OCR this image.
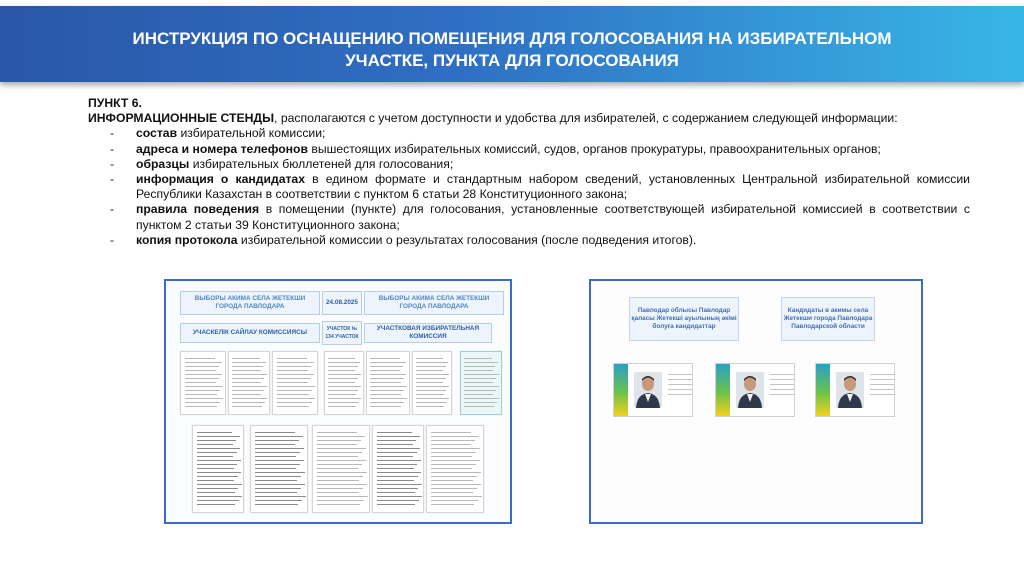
ИНСТРУКЦИЯ ПО ОСНАЩЕНИЮ ПОМЕЩЕНИЯ ДЛЯ ГОЛОСОВАНИЯ НА ИЗБИРАТЕЛЬНОМ
УЧАСТКЕ, ПУНКТА ДЛЯ ГОЛОСОВАНИЯ
ПУНКТ 6.
ИНФОРМАЦИОННЫЕ СТЕНДЫ, располагаются с учетом доступности и удобства для избирателей, с содержанием следующей информации:
- состав избирательной комиссии;
- адреса и номера телефонов вышестоящих избирательных комиссий, судов, органов прокуратуры, правоохранительных органов;
- образцы избирательных бюллетеней для голосования;
- информация о кандидатах в едином формате и стандартным набором сведений, установленных Центральной избирательной комиссии Республики Казахстан в соответствии с пунктом 6 статьи 28 Конституционного закона;
- правила поведения в помещении (пункте) для голосования, установленные соответствующей избирательной комиссией в соответствии с пунктом 2 статьи 39 Конституционного закона;
- копия протокола избирательной комиссии о результатах голосования (после подведения итогов).
ВЫБОРЫ АКИМА СЕЛА ЖЕТЕКШИ ГОРОДА ПАВЛОДАРА
24.08.2025
ВЫБОРЫ АКИМА СЕЛА ЖЕТЕКШИ ГОРОДА ПАВЛОДАРА
УЧАСКЕЛІК САЙЛАУ КОМИССИЯСЫ	УЧАСТОК № 134 УЧАСТОК
УЧАСТКОВАЯ ИЗБИРАТЕЛЬНАЯ КОМИССИЯ
Павлодар облысы Павлодар қаласы Жетекші ауылының әкімі болуға кандидаттар
Кандидаты в акимы села Жетекши города Павлодара Павлодарской области
